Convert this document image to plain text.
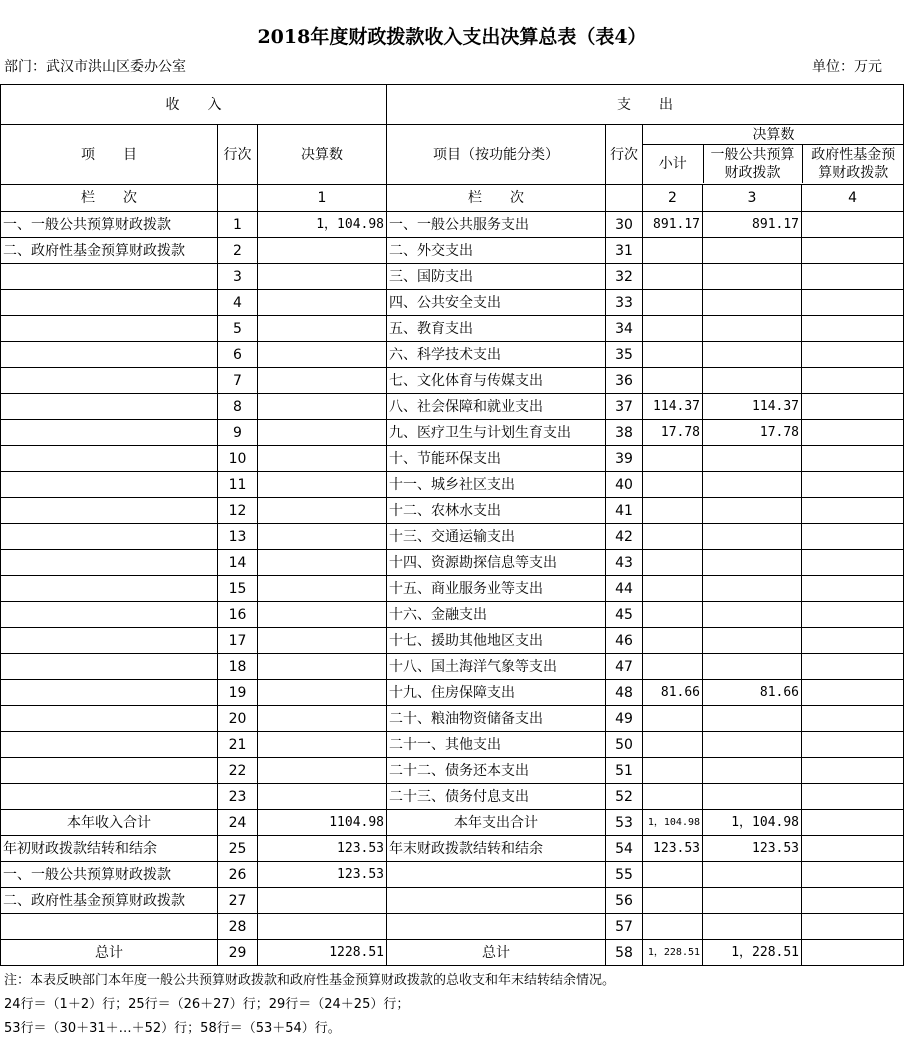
2018年度财政拨款收入支出决算总表（表4）
部门：武汉市洪山区委办公室	单位：万元
收　　入	支　　出
项　　目	行次	决算数	项目（按功能分类）	行次	
决算数
小计	一般公共预算财政拨款	政府性基金预算财政拨款

栏　　次		1	栏　　次		2	3	4
一、一般公共预算财政拨款	1	1，104.98	一、一般公共服务支出	30	891.17	891.17	
二、政府性基金预算财政拨款	2		二、外交支出	31			
	3		三、国防支出	32			
	4		四、公共安全支出	33			
	5		五、教育支出	34			
	6		六、科学技术支出	35			
	7		七、文化体育与传媒支出	36			
	8		八、社会保障和就业支出	37	114.37	114.37	
	9		九、医疗卫生与计划生育支出	38	17.78	17.78	
	10		十、节能环保支出	39			
	11		十一、城乡社区支出	40			
	12		十二、农林水支出	41			
	13		十三、交通运输支出	42			
	14		十四、资源勘探信息等支出	43			
	15		十五、商业服务业等支出	44			
	16		十六、金融支出	45			
	17		十七、援助其他地区支出	46			
	18		十八、国土海洋气象等支出	47			
	19		十九、住房保障支出	48	81.66	81.66	
	20		二十、粮油物资储备支出	49			
	21		二十一、其他支出	50			
	22		二十二、债务还本支出	51			
	23		二十三、债务付息支出	52			
本年收入合计	24	1104.98	本年支出合计	53	1，104.98	1，104.98	
年初财政拨款结转和结余	25	123.53	年末财政拨款结转和结余	54	123.53	123.53	
一、一般公共预算财政拨款	26	123.53		55			
二、政府性基金预算财政拨款	27			56			
	28			57			
总计	29	1228.51	总计	58	1，228.51	1，228.51	
注：本表反映部门本年度一般公共预算财政拨款和政府性基金预算财政拨款的总收支和年末结转结余情况。
24行＝（1＋2）行；25行＝（26＋27）行；29行＝（24＋25）行；
53行＝（30＋31＋…＋52）行；58行＝（53＋54）行。
